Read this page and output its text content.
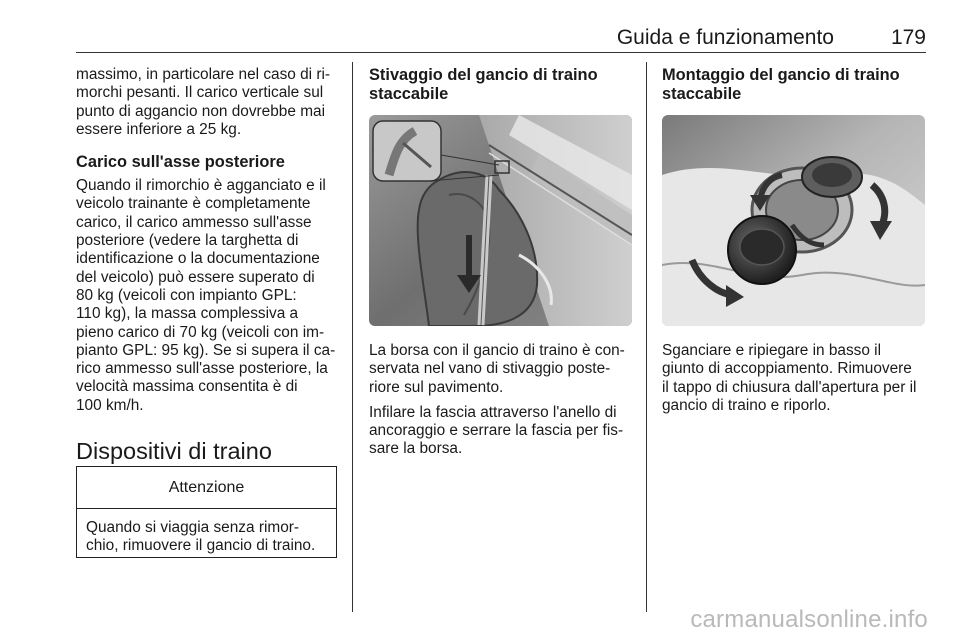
Guida e funzionamento	179

massimo, in particolare nel caso di ri-

morchi pesanti. Il carico verticale sul

punto di aggancio non dovrebbe mai

essere inferiore a 25 kg.

Carico sull'asse posteriore

Quando il rimorchio è agganciato e il

veicolo trainante è completamente

carico, il carico ammesso sull'asse

posteriore (vedere la targhetta di

identificazione o la documentazione

del veicolo) può essere superato di

80 kg (veicoli con impianto GPL:

110 kg), la massa complessiva a

pieno carico di 70 kg (veicoli con im-

pianto GPL: 95 kg). Se si supera il ca-

rico ammesso sull'asse posteriore, la

velocità massima consentita è di

100 km/h.

Dispositivi di traino
Attenzione
Quando si viaggia senza rimor-
chio, rimuovere il gancio di traino.
Stivaggio del gancio di traino
staccabile

La borsa con il gancio di traino è con-

servata nel vano di stivaggio poste-

riore sul pavimento.

Infilare la fascia attraverso l'anello di

ancoraggio e serrare la fascia per fis-

sare la borsa.

Montaggio del gancio di traino
staccabile

Sganciare e ripiegare in basso il

giunto di accoppiamento. Rimuovere

il tappo di chiusura dall'apertura per il

gancio di traino e riporlo.

carmanualsonline.info
